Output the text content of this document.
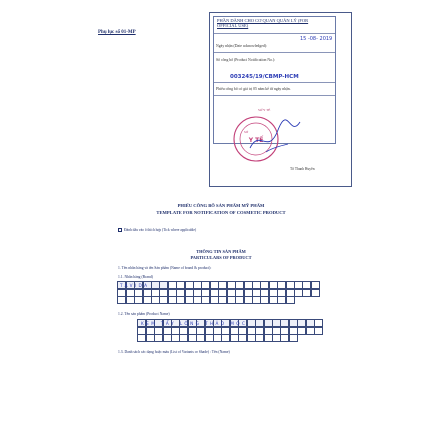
Phụ lục số 01-MP
PHẦN DÀNH CHO CƠ QUAN QUẢN LÝ (FOR OFFICIAL USE)
15 -08- 2019
Ngày nhận (Date acknowledged):
Số công bố (Product Notification No.):
003245/19/CBMP-HCM
Phiếu công bố có giá trị 05 năm kể từ ngày nhận.
Y TẾ
SỞ
SỞ Y TẾ
Tô Thanh Huyền
PHIẾU CÔNG BỐ SẢN PHẨM MỸ PHẨM
TEMPLATE FOR NOTIFICATION OF COSMETIC PRODUCT
Đánh dấu vào ô thích hợp (Tick where applicable)
THÔNG TIN SẢN PHẨM
PARTICULARS OF PRODUCT
1. Tên nhãn hàng và tên Sản phẩm (Name of brand & product):
1.1. Nhãn hàng (Brand)
TAVIDA
1.2. Tên sản phẩm (Product Name)
KEM TẨY LÔNG THẢO MỘC
1.3. Danh sách các dạng hoặc màu (List of Variants or Shade) : Tên (Name)
